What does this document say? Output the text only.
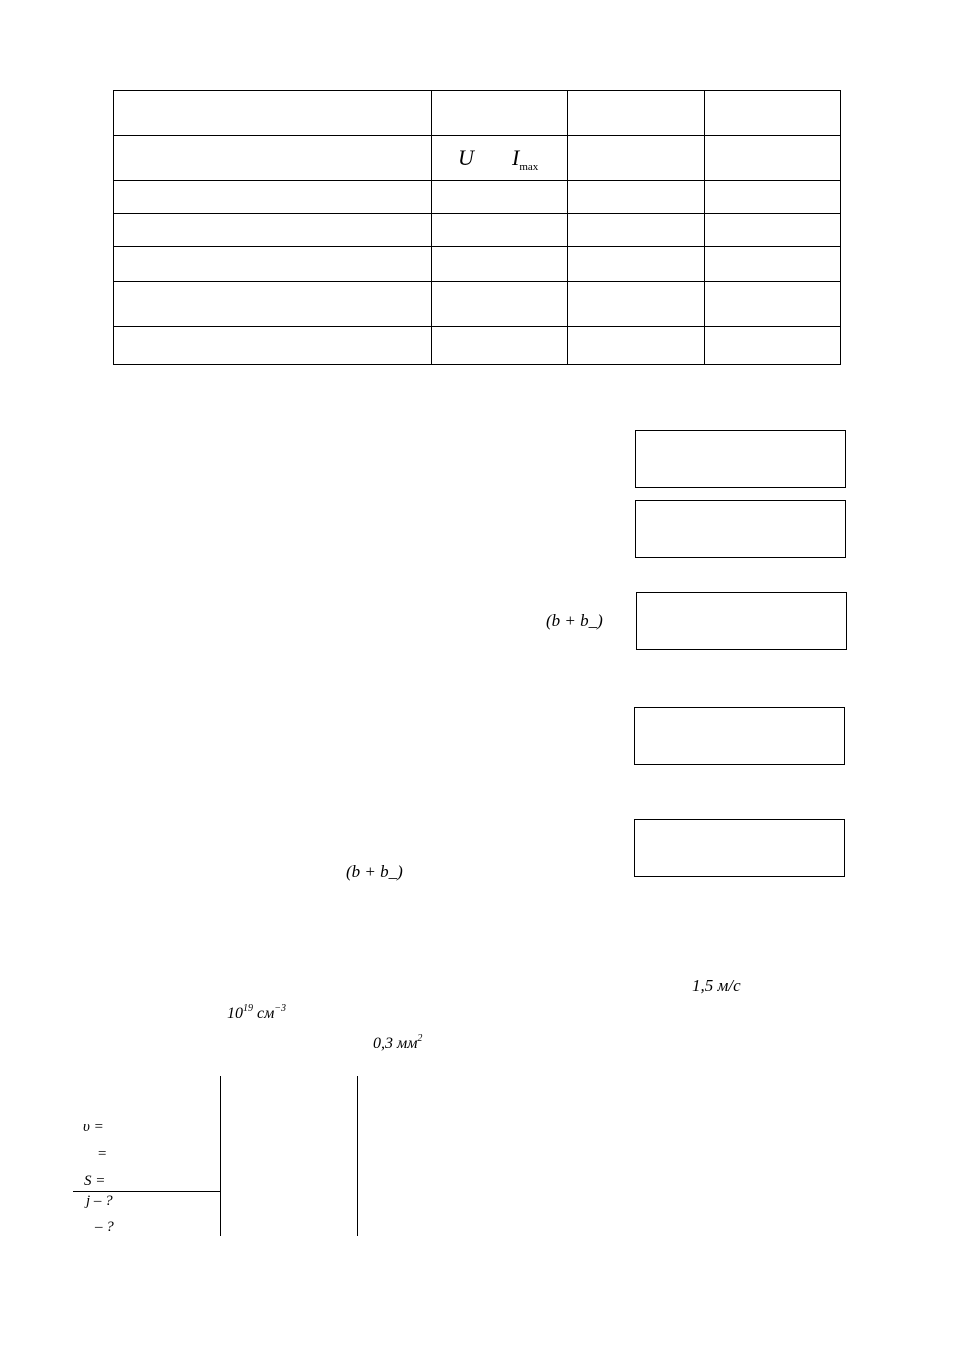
	U $I_{max}$

(b + b_)
(b + b_)
1,5 м/с
$10^{19}$ $см^{-3}$
0,3 $мм^2$
υ =
=
S =
j – ?
– ?
